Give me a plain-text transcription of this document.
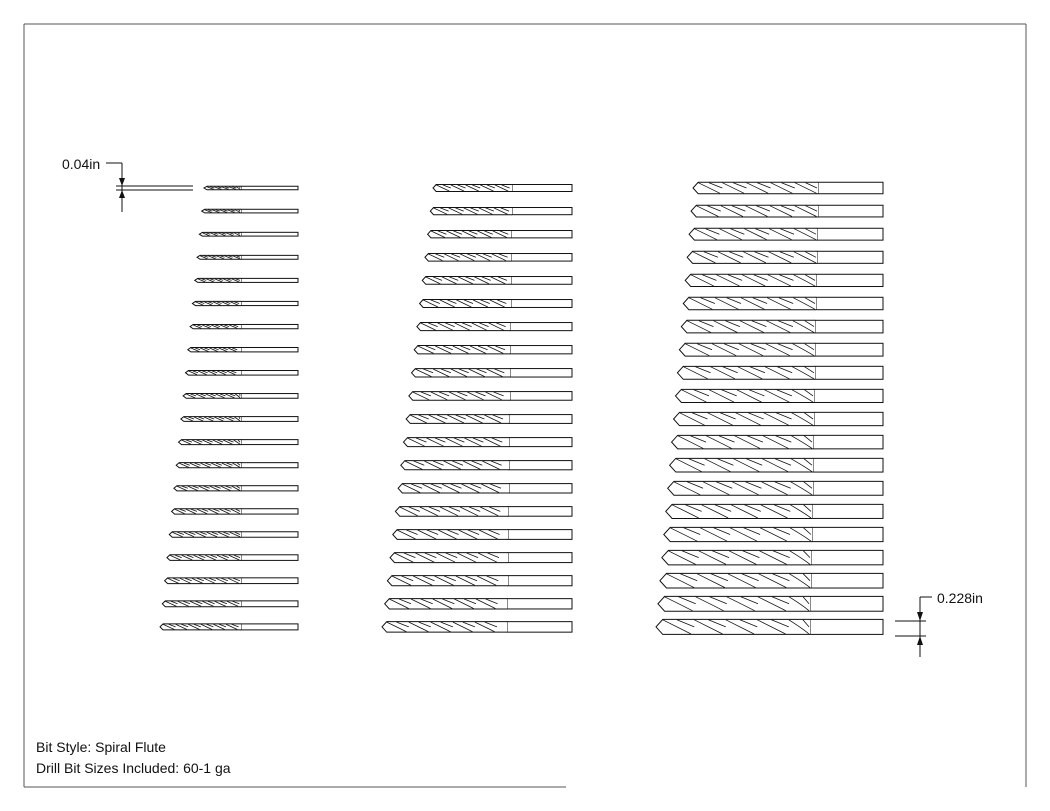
0.04in
0.228in
Bit Style: Spiral Flute
Drill Bit Sizes Included: 60-1 ga
